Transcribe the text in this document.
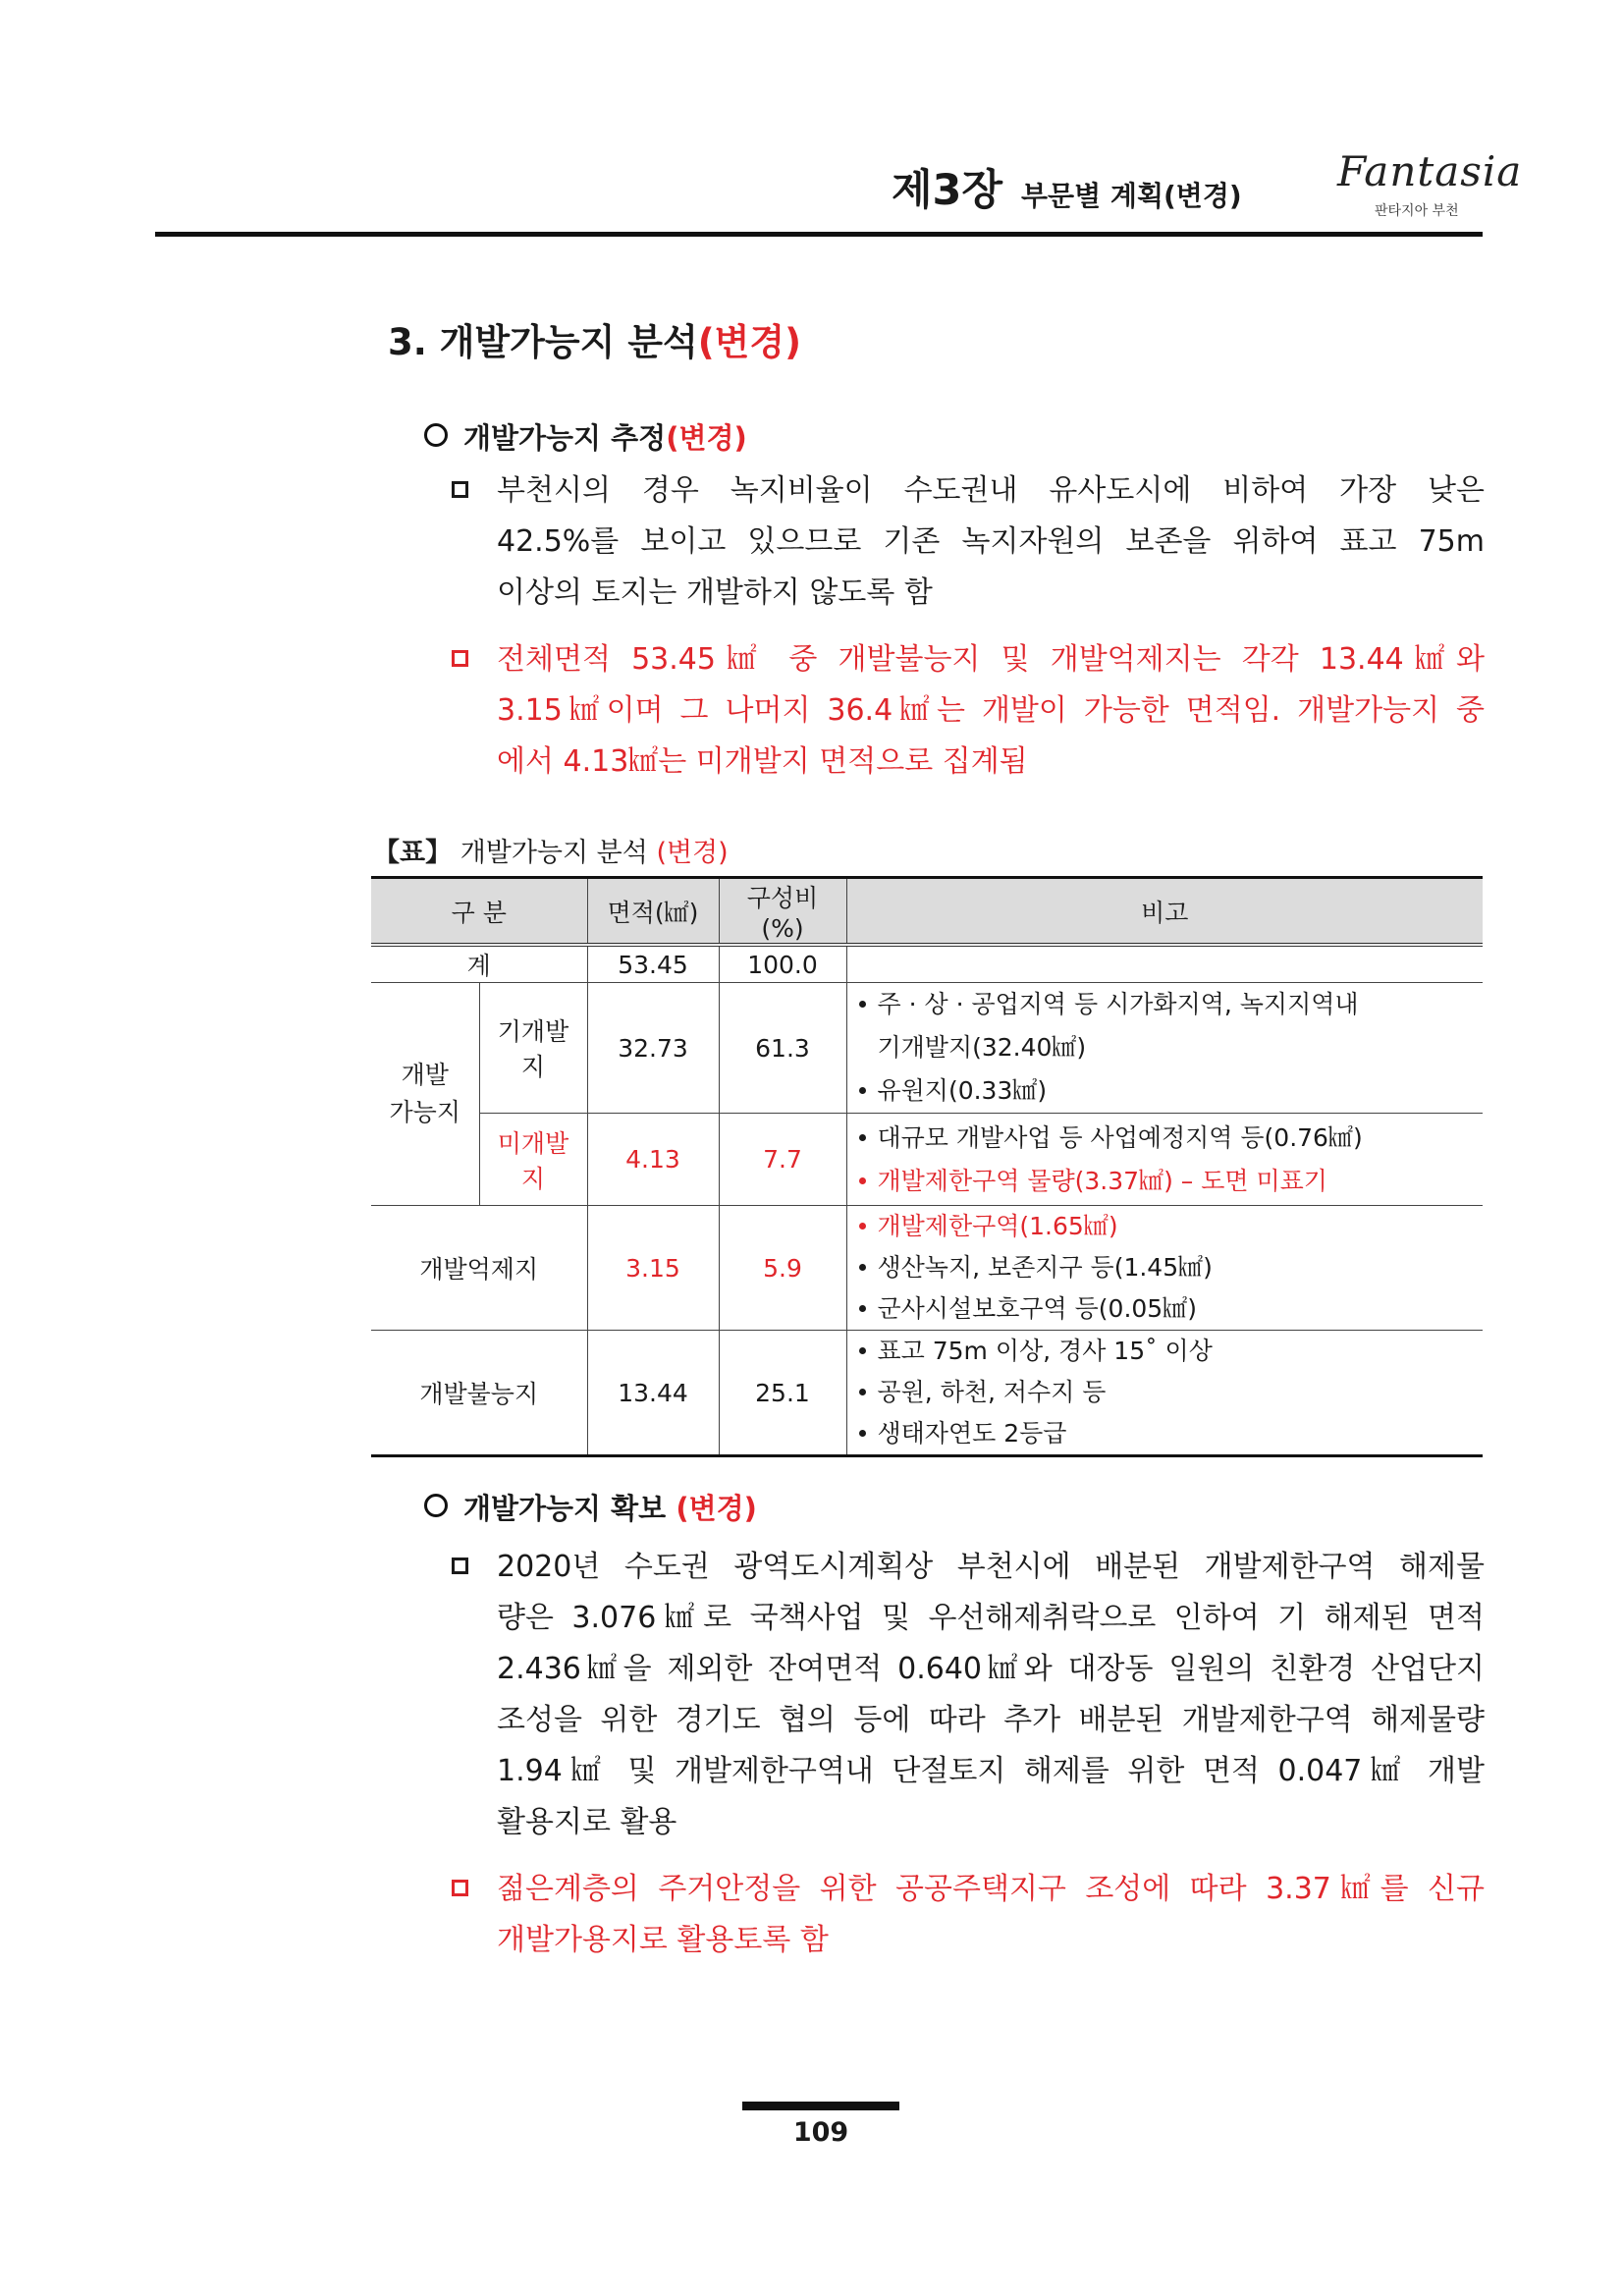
제3장 부문별 계획(변경)
Fantasia
판타지아 부천
3. 개발가능지 분석(변경)
개발가능지 추정(변경)
부천시의 경우 녹지비율이 수도권내 유사도시에 비하여 가장 낮은
42.5%를 보이고 있으므로 기존 녹지자원의 보존을 위하여 표고 75m
이상의 토지는 개발하지 않도록 함
전체면적 53.45㎢ 중 개발불능지 및 개발억제지는 각각 13.44㎢와
3.15㎢이며 그 나머지 36.4㎢는 개발이 가능한 면적임. 개발가능지 중
에서 4.13㎢는 미개발지 면적으로 집계됨
【표】 개발가능지 분석 (변경)
구 분		면적(㎢)	구성비(%)	비고
계		53.45	100.0	

개발
가능지	기개발지	32.73	61.3	주 · 상 · 공업지역 등 시가화지역, 녹지지역내
기개발지(32.40㎢)
유원지(0.33㎢)

	미개발지	4.13	7.7	대규모 개발사업 등 사업예정지역 등(0.76㎢)
개발제한구역 물량(3.37㎢) – 도면 미표기

개발억제지		3.15	5.9	개발제한구역(1.65㎢)
생산녹지, 보존지구 등(1.45㎢)
군사시설보호구역 등(0.05㎢)

개발불능지		13.44	25.1	표고 75m 이상, 경사 15˚ 이상
공원, 하천, 저수지 등
생태자연도 2등급
개발가능지 확보 (변경)
2020년 수도권 광역도시계획상 부천시에 배분된 개발제한구역 해제물
량은 3.076㎢로 국책사업 및 우선해제취락으로 인하여 기 해제된 면적
2.436㎢을 제외한 잔여면적 0.640㎢와 대장동 일원의 친환경 산업단지
조성을 위한 경기도 협의 등에 따라 추가 배분된 개발제한구역 해제물량
1.94㎢ 및 개발제한구역내 단절토지 해제를 위한 면적 0.047㎢ 개발
활용지로 활용
젊은계층의 주거안정을 위한 공공주택지구 조성에 따라 3.37㎢를 신규
개발가용지로 활용토록 함
109
